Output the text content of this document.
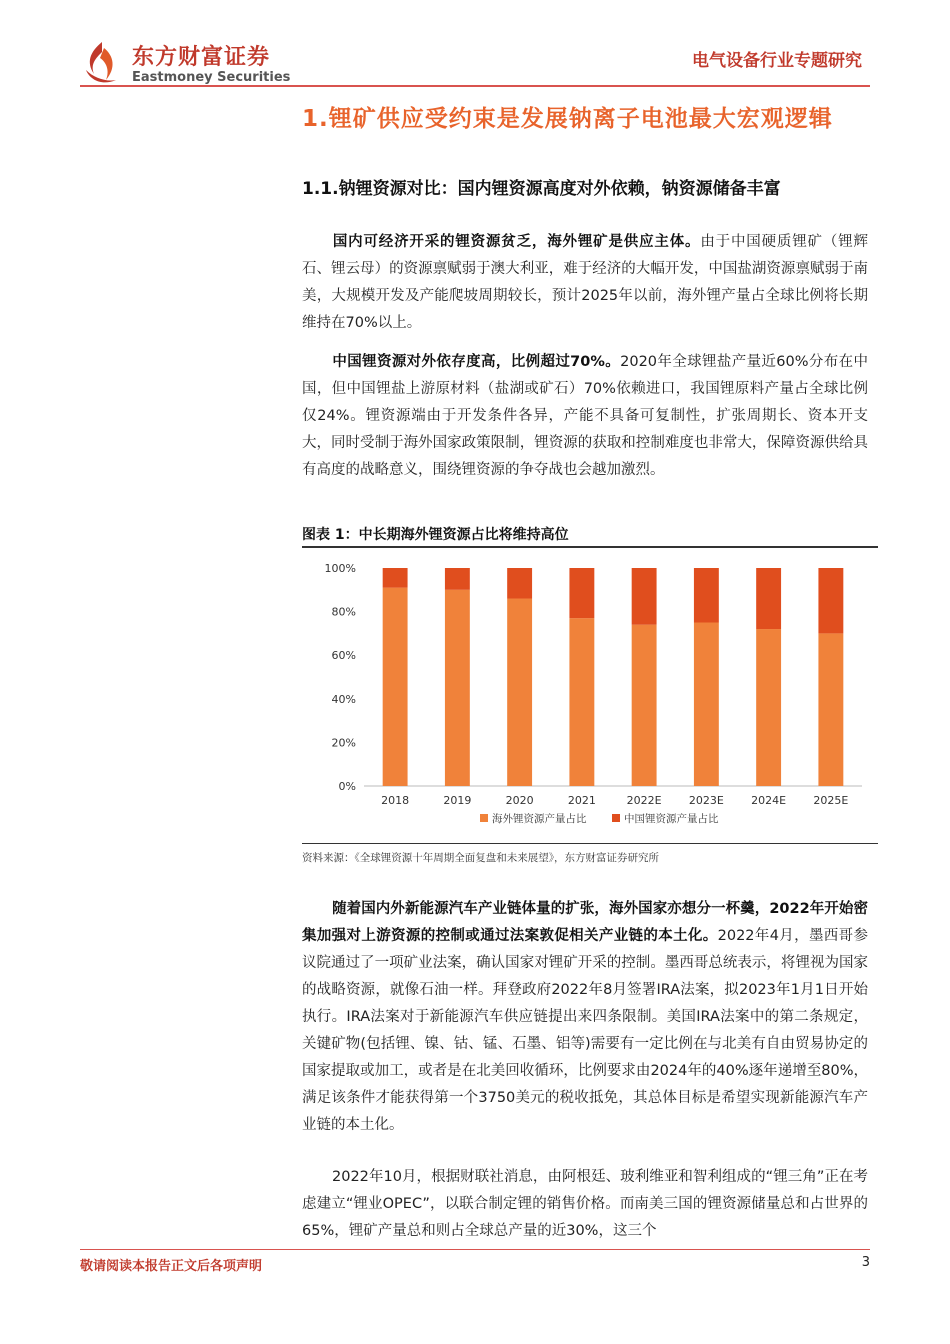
东方财富证券
Eastmoney Securities
电气设备行业专题研究
1.锂矿供应受约束是发展钠离子电池最大宏观逻辑
1.1.钠锂资源对比：国内锂资源高度对外依赖，钠资源储备丰富
国内可经济开采的锂资源贫乏，海外锂矿是供应主体。由于中国硬质锂矿（锂辉石、锂云母）的资源禀赋弱于澳大利亚，难于经济的大幅开发，中国盐湖资源禀赋弱于南美，大规模开发及产能爬坡周期较长，预计2025年以前，海外锂产量占全球比例将长期维持在70%以上。
中国锂资源对外依存度高，比例超过70%。2020年全球锂盐产量近60%分布在中国，但中国锂盐上游原材料（盐湖或矿石）70%依赖进口，我国锂原料产量占全球比例仅24%。锂资源端由于开发条件各异，产能不具备可复制性，扩张周期长、资本开支大，同时受制于海外国家政策限制，锂资源的获取和控制难度也非常大，保障资源供给具有高度的战略意义，围绕锂资源的争夺战也会越加激烈。
图表 1：中长期海外锂资源占比将维持高位
0%
20%
40%
60%
80%
100%
2018	2019	2020	2021	2022E 2023E 2024E 2025E
海外锂资源产量占比	中国锂资源产量占比
资料来源：《全球锂资源十年周期全面复盘和未来展望》，东方财富证券研究所
随着国内外新能源汽车产业链体量的扩张，海外国家亦想分一杯羹，2022年开始密集加强对上游资源的控制或通过法案敦促相关产业链的本土化。2022年4月，墨西哥参议院通过了一项矿业法案，确认国家对锂矿开采的控制。墨西哥总统表示，将锂视为国家的战略资源，就像石油一样。拜登政府2022年8月签署IRA法案，拟2023年1月1日开始执行。IRA法案对于新能源汽车供应链提出来四条限制。美国IRA法案中的第二条规定，关键矿物(包括锂、镍、钴、锰、石墨、铝等)需要有一定比例在与北美有自由贸易协定的国家提取或加工，或者是在北美回收循环，比例要求由2024年的40%逐年递增至80%，满足该条件才能获得第一个3750美元的税收抵免，其总体目标是希望实现新能源汽车产业链的本土化。
2022年10月，根据财联社消息，由阿根廷、玻利维亚和智利组成的“锂三角”正在考虑建立“锂业OPEC”，以联合制定锂的销售价格。而南美三国的锂资源储量总和占世界的65%，锂矿产量总和则占全球总产量的近30%，这三个
敬请阅读本报告正文后各项声明	3
